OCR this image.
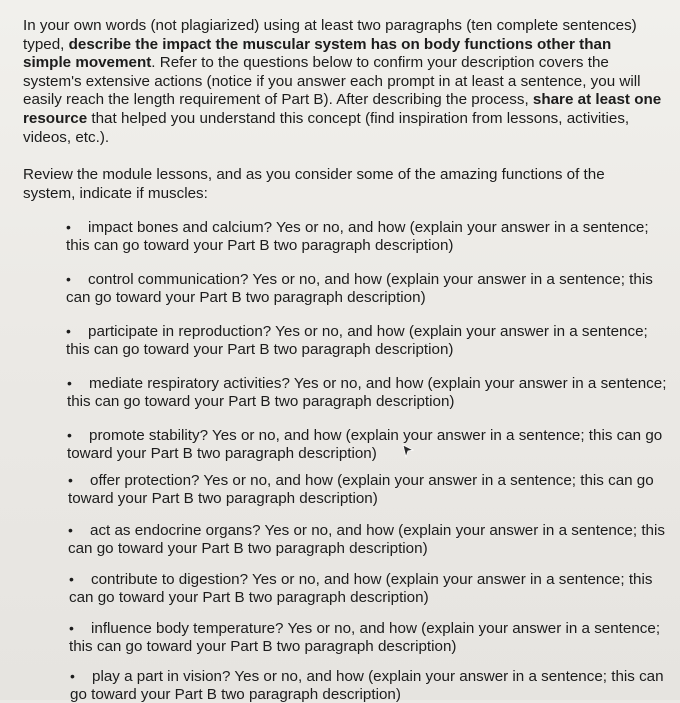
In your own words (not plagiarized) using at least two paragraphs (ten complete sentences) typed, describe the impact the muscular system has on body functions other than simple movement. Refer to the questions below to confirm your description covers the system's extensive actions (notice if you answer each prompt in at least a sentence, you will easily reach the length requirement of Part B). After describing the process, share at least one resource that helped you understand this concept (find inspiration from lessons, activities, videos, etc.).

Review the module lessons, and as you consider some of the amazing functions of the system, indicate if muscles:

• impact bones and calcium? Yes or no, and how (explain your answer in a sentence; this can go toward your Part B two paragraph description)

• control communication? Yes or no, and how (explain your answer in a sentence; this can go toward your Part B two paragraph description)

• participate in reproduction? Yes or no, and how (explain your answer in a sentence; this can go toward your Part B two paragraph description)

• mediate respiratory activities? Yes or no, and how (explain your answer in a sentence; this can go toward your Part B two paragraph description)

• promote stability? Yes or no, and how (explain your answer in a sentence; this can go toward your Part B two paragraph description)

• offer protection? Yes or no, and how (explain your answer in a sentence; this can go toward your Part B two paragraph description)

• act as endocrine organs? Yes or no, and how (explain your answer in a sentence; this can go toward your Part B two paragraph description)

• contribute to digestion? Yes or no, and how (explain your answer in a sentence; this can go toward your Part B two paragraph description)

• influence body temperature? Yes or no, and how (explain your answer in a sentence; this can go toward your Part B two paragraph description)

• play a part in vision? Yes or no, and how (explain your answer in a sentence; this can go toward your Part B two paragraph description)
